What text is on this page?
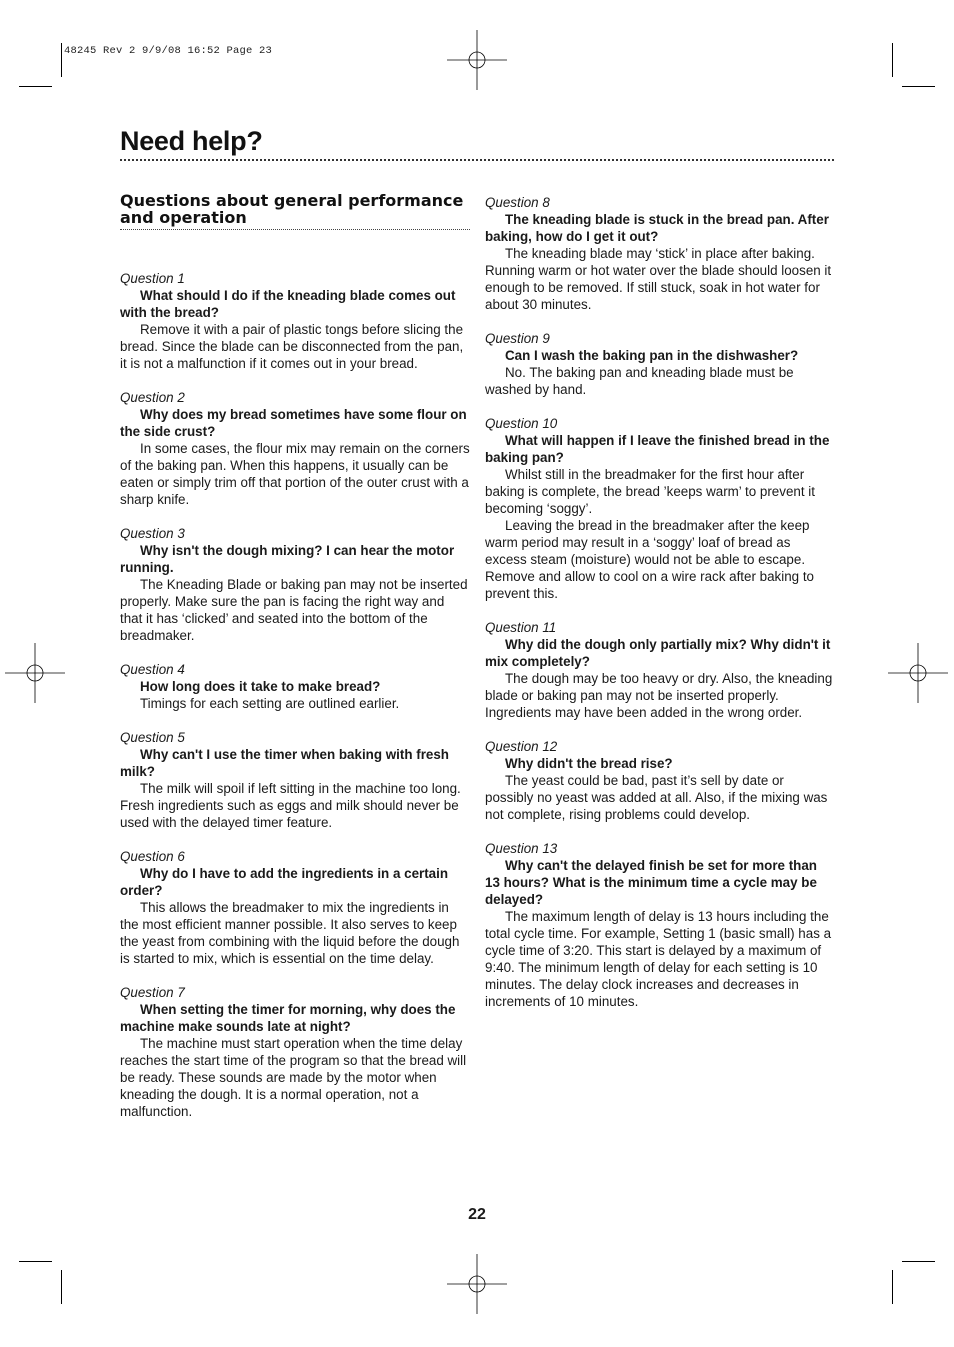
48245 Rev 2 9/9/08 16:52 Page 23
Need help?
Questions about general performance and operation
Question 1
What should I do if the kneading blade comes out with the bread?
Remove it with a pair of plastic tongs before slicing the bread. Since the blade can be disconnected from the pan, it is not a malfunction if it comes out in your bread.
Question 2
Why does my bread sometimes have some flour on the side crust?
In some cases, the flour mix may remain on the corners of the baking pan. When this happens, it usually can be eaten or simply trim off that portion of the outer crust with a sharp knife.
Question 3
Why isn't the dough mixing? I can hear the motor running.
The Kneading Blade or baking pan may not be inserted properly. Make sure the pan is facing the right way and that it has ‘clicked’ and seated into the bottom of the breadmaker.
Question 4
How long does it take to make bread?
Timings for each setting are outlined earlier.
Question 5
Why can't I use the timer when baking with fresh milk?
The milk will spoil if left sitting in the machine too long. Fresh ingredients such as eggs and milk should never be used with the delayed timer feature.
Question 6
Why do I have to add the ingredients in a certain order?
This allows the breadmaker to mix the ingredients in the most efficient manner possible. It also serves to keep the yeast from combining with the liquid before the dough is started to mix, which is essential on the time delay.
Question 7
When setting the timer for morning, why does the machine make sounds late at night?
The machine must start operation when the time delay reaches the start time of the program so that the bread will be ready. These sounds are made by the motor when kneading the dough. It is a normal operation, not a malfunction.
Question 8
The kneading blade is stuck in the bread pan. After baking, how do I get it out?
The kneading blade may ‘stick’ in place after baking. Running warm or hot water over the blade should loosen it enough to be removed. If still stuck, soak in hot water for about 30 minutes.
Question 9
Can I wash the baking pan in the dishwasher?
No. The baking pan and kneading blade must be washed by hand.
Question 10
What will happen if I leave the finished bread in the baking pan?
Whilst still in the breadmaker for the first hour after baking is complete, the bread ’keeps warm’ to prevent it becoming ‘soggy’.
Leaving the bread in the breadmaker after the keep warm period may result in a ‘soggy’ loaf of bread as excess steam (moisture) would not be able to escape. Remove and allow to cool on a wire rack after baking to prevent this.
Question 11
Why did the dough only partially mix? Why didn't it mix completely?
The dough may be too heavy or dry. Also, the kneading blade or baking pan may not be inserted properly. Ingredients may have been added in the wrong order.
Question 12
Why didn't the bread rise?
The yeast could be bad, past it’s sell by date or possibly no yeast was added at all. Also, if the mixing was not complete, rising problems could develop.
Question 13
Why can't the delayed finish be set for more than 13 hours? What is the minimum time a cycle may be delayed?
The maximum length of delay is 13 hours including the total cycle time. For example, Setting 1 (basic small) has a cycle time of 3:20. This start is delayed by a maximum of 9:40. The minimum length of delay for each setting is 10 minutes. The delay clock increases and decreases in increments of 10 minutes.
22
